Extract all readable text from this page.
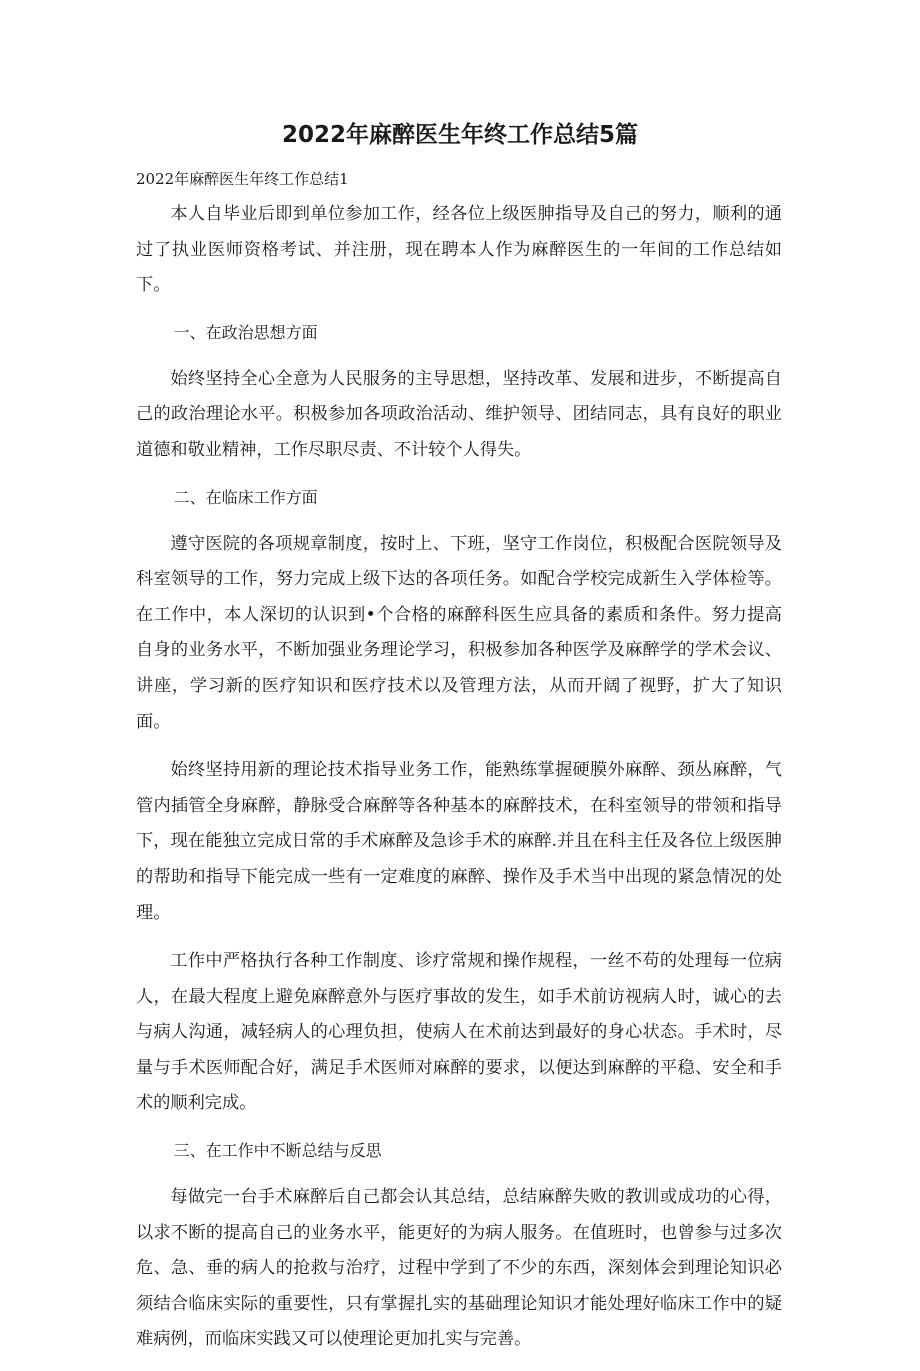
2022年麻醉医生年终工作总结5篇

2022年麻醉医生年终工作总结1

本人自毕业后即到单位参加工作，经各位上级医胂指导及自己的努力，顺利的通过了执业医师资格考试、并注册，现在聘本人作为麻醉医生的一年间的工作总结如下。

一、在政治思想方面

始终坚持全心全意为人民服务的主导思想，坚持改革、发展和进步，不断提高自己的政治理论水平。积极参加各项政治活动、维护领导、团结同志，具有良好的职业道德和敬业精神，工作尽职尽责、不计较个人得失。

二、在临床工作方面

遵守医院的各项规章制度，按时上、下班，坚守工作岗位，积极配合医院领导及科室领导的工作，努力完成上级下达的各项任务。如配合学校完成新生入学体检等。在工作中，本人深切的认识到•个合格的麻醉科医生应具备的素质和条件。努力提高自身的业务水平，不断加强业务理论学习，积极参加各种医学及麻醉学的学术会议、讲座，学习新的医疗知识和医疗技术以及管理方法，从而开阔了视野，扩大了知识面。

始终坚持用新的理论技术指导业务工作，能熟练掌握硬膜外麻醉、颈丛麻醉，气管内插管全身麻醉，静脉受合麻醉等各种基本的麻醉技术，在科室领导的带领和指导下，现在能独立完成日常的手术麻醉及急诊手术的麻醉.并且在科主任及各位上级医胂的帮助和指导下能完成一些有一定难度的麻醉、操作及手术当中出现的紧急情况的处理。

工作中严格执行各种工作制度、诊疗常规和操作规程，一丝不苟的处理每一位病人，在最大程度上避免麻醉意外与医疗事故的发生，如手术前访视病人时，诚心的去与病人沟通，减轻病人的心理负担，使病人在术前达到最好的身心状态。手术时，尽量与手术医师配合好，满足手术医师对麻醉的要求，以便达到麻醉的平稳、安全和手术的顺利完成。

三、在工作中不断总结与反思

每做完一台手术麻醉后自己都会认其总结，总结麻醉失败的教训或成功的心得，以求不断的提高自己的业务水平，能更好的为病人服务。在值班时，也曾参与过多次危、急、垂的病人的抢救与治疗，过程中学到了不少的东西，深刻体会到理论知识必须结合临床实际的重要性，只有掌握扎实的基础理论知识才能处理好临床工作中的疑难病例，而临床实践又可以使理论更加扎实与完善。
